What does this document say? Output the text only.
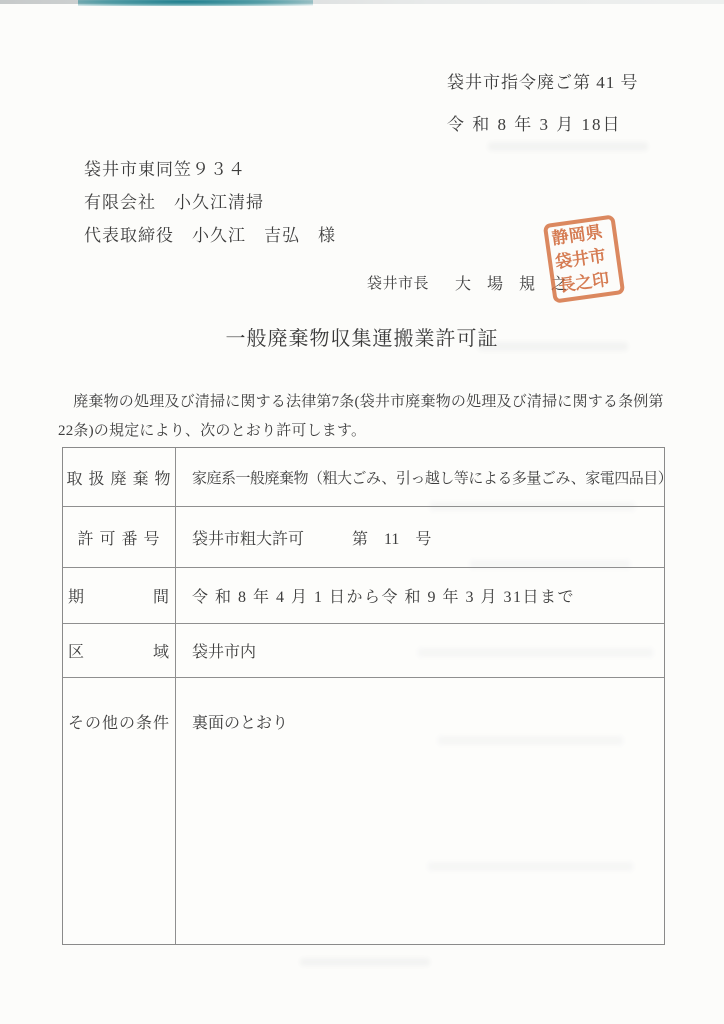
袋井市指令廃ご第 41 号
令 和 8 年 3 月 18日
袋井市東同笠９３４
有限会社　小久江清掃
代表取締役　小久江　吉弘　様
袋井市長 大 場 規 之
静岡県
袋井市
長之印
一般廃棄物収集運搬業許可証
　廃棄物の処理及び清掃に関する法律第7条(袋井市廃棄物の処理及び清掃に関する条例第
22条)の規定により、次のとおり許可します。
取 扱 廃 棄 物	家庭系一般廃棄物（粗大ごみ、引っ越し等による多量ごみ、家電四品目）
許 可 番 号	袋井市粗大許可　　　第　11　号
期　　　　間	令 和 8 年 4 月 1 日から令 和 9 年 3 月 31日まで
区　　　　域	袋井市内
その他の条件	裏面のとおり
